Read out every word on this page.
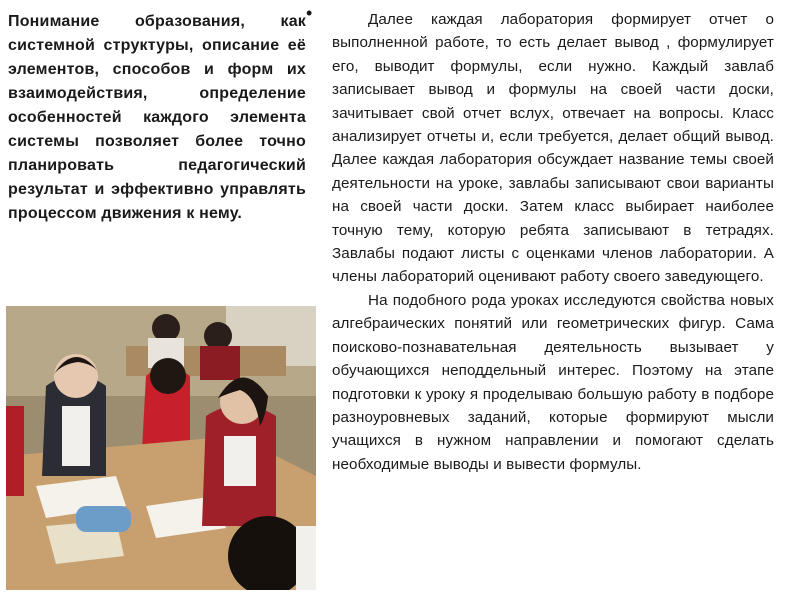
Понимание образования, как системной структуры, описание её элементов, способов и форм их взаимодействия, определение особенностей каждого элемента системы позволяет более точно планировать педагогический результат и эффективно управлять процессом движения к нему.
•	Далее каждая лаборатория формирует отчет о выполненной работе, то есть делает вывод , формулирует его, выводит формулы, если нужно. Каждый завлаб записывает вывод и формулы на своей части доски, зачитывает свой отчет вслух, отвечает на вопросы. Класс анализирует отчеты и, если требуется, делает общий вывод. Далее каждая лаборатория обсуждает название темы своей деятельности на уроке, завлабы записывают свои варианты на своей части доски. Затем класс выбирает наиболее точную тему, которую ребята записывают в тетрадях. Завлабы подают листы с оценками членов лаборатории. А члены лабораторий оценивают работу своего заведующего.

На подобного рода уроках исследуются свойства новых алгебраических понятий или геометрических фигур. Сама поисково-познавательная деятельность вызывает у обучающихся неподдельный интерес. Поэтому на этапе подготовки к уроку я проделываю большую работу в подборе разноуровневых заданий, которые формируют мысли учащихся в нужном направлении и помогают сделать необходимые выводы и вывести формулы.
